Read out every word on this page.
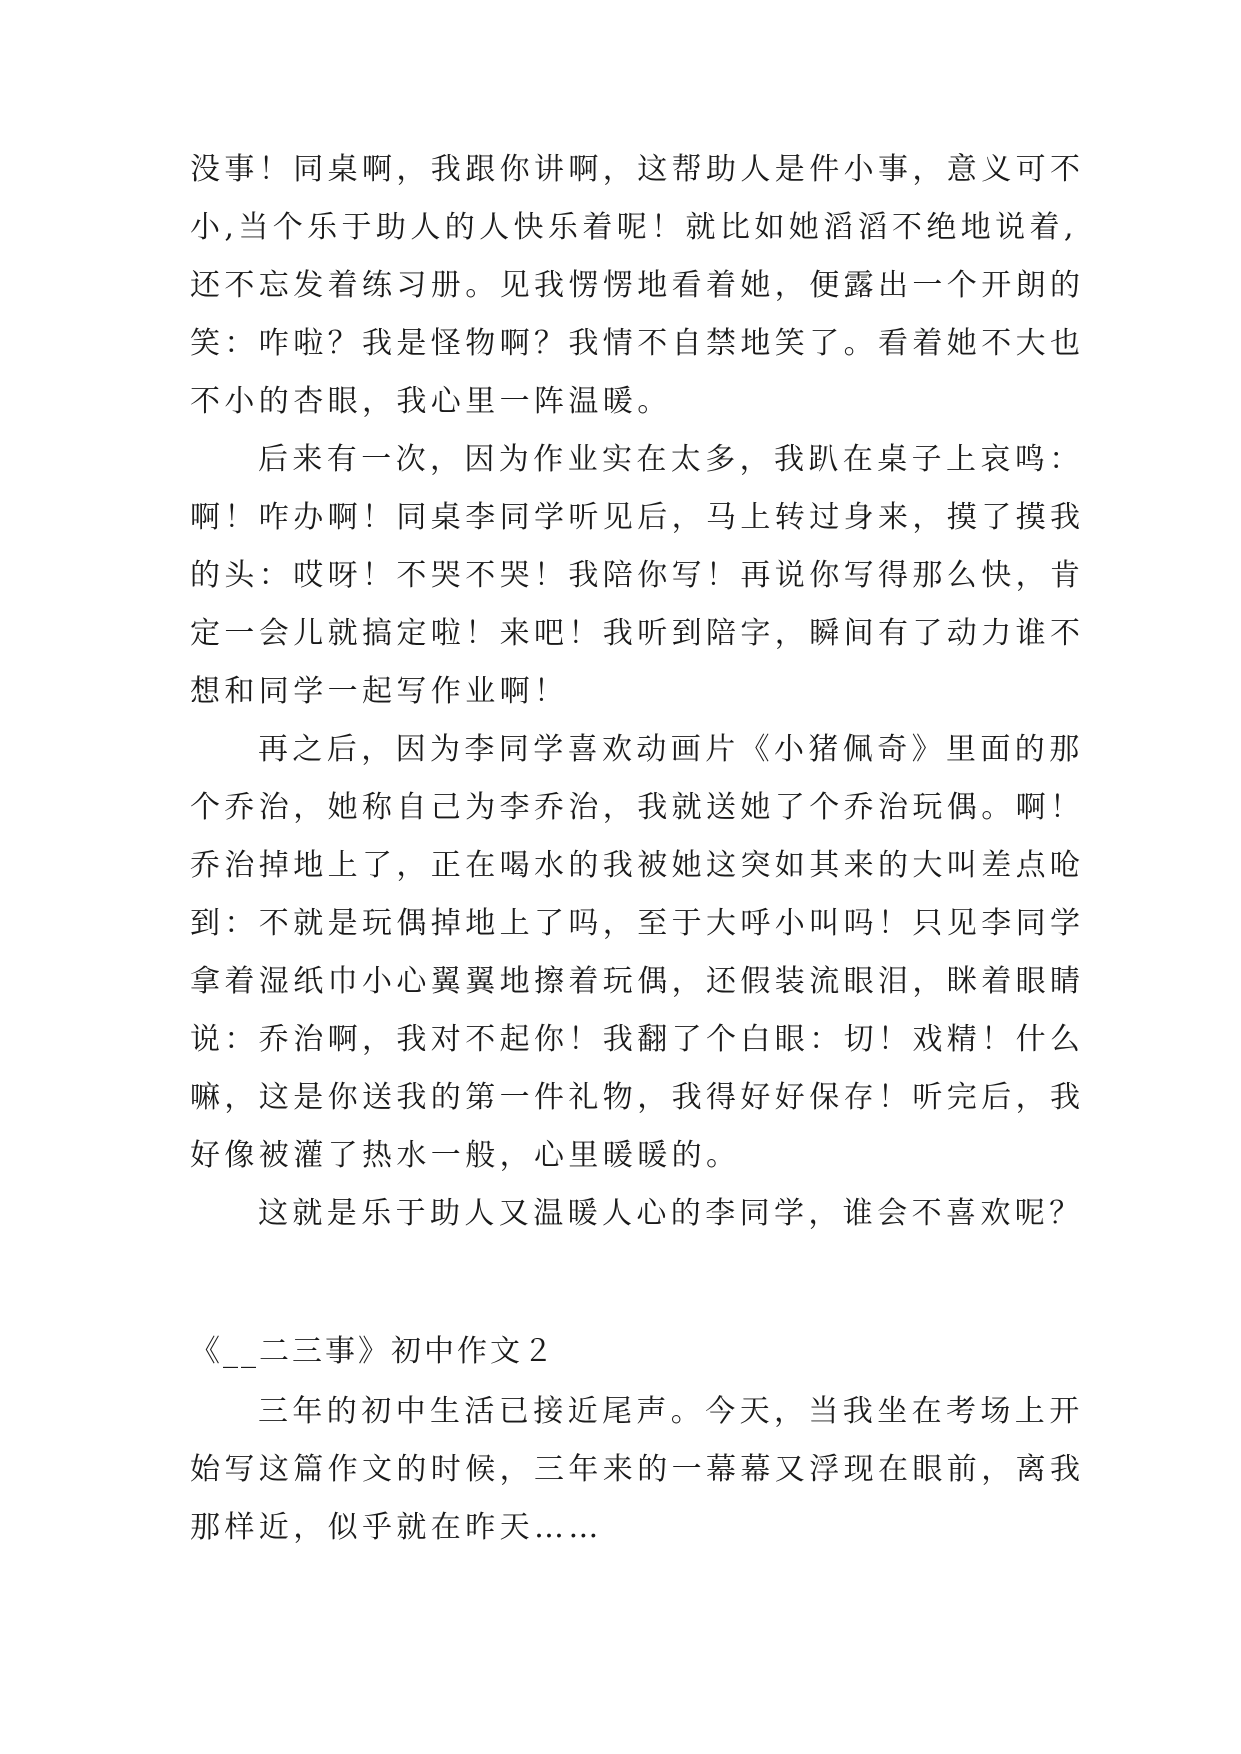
没事！同桌啊，我跟你讲啊，这帮助人是件小事，意义可不
小,当个乐于助人的人快乐着呢！就比如她滔滔不绝地说着,
还不忘发着练习册。见我愣愣地看着她，便露出一个开朗的
笑：咋啦？我是怪物啊？我情不自禁地笑了。看着她不大也
不小的杏眼，我心里一阵温暖。
后来有一次，因为作业实在太多，我趴在桌子上哀鸣：
啊！咋办啊！同桌李同学听见后，马上转过身来，摸了摸我
的头：哎呀！不哭不哭！我陪你写！再说你写得那么快，肯
定一会儿就搞定啦！来吧！我听到陪字，瞬间有了动力谁不
想和同学一起写作业啊！
再之后，因为李同学喜欢动画片《小猪佩奇》里面的那
个乔治，她称自己为李乔治，我就送她了个乔治玩偶。啊！
乔治掉地上了，正在喝水的我被她这突如其来的大叫差点呛
到：不就是玩偶掉地上了吗，至于大呼小叫吗！只见李同学
拿着湿纸巾小心翼翼地擦着玩偶，还假装流眼泪，眯着眼睛
说：乔治啊，我对不起你！我翻了个白眼：切！戏精！什么
嘛，这是你送我的第一件礼物，我得好好保存！听完后，我
好像被灌了热水一般，心里暖暖的。
这就是乐于助人又温暖人心的李同学，谁会不喜欢呢？
《__二三事》初中作文２
三年的初中生活已接近尾声。今天，当我坐在考场上开
始写这篇作文的时候，三年来的一幕幕又浮现在眼前，离我
那样近，似乎就在昨天……
